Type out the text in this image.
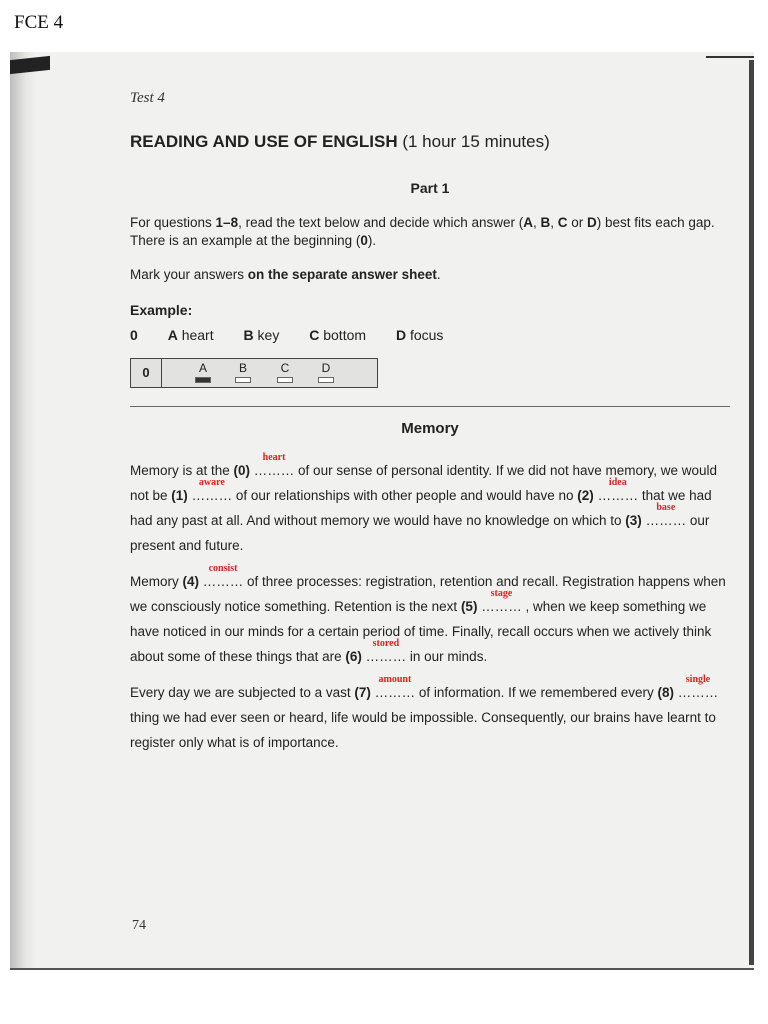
FCE 4
Test 4
READING AND USE OF ENGLISH (1 hour 15 minutes)
Part 1
For questions 1–8, read the text below and decide which answer (A, B, C or D) best fits each gap. There is an example at the beginning (0).
Mark your answers on the separate answer sheet.
Example:
0 A heart B key C bottom D focus
0	A	B	C	D
Memory
Memory is at the (0) ………
heart
of our sense of personal identity. If we did not have memory, we would not be (1) ………
aware
of our relationships with other people and would have no (2) ………
idea
that we had had any past at all. And without memory we would have no knowledge on which to (3) ………
base
our present and future.
Memory (4) ………
consist
of three processes: registration, retention and recall. Registration happens when we consciously notice something. Retention is the next (5) ………
stage
, when we keep something we have noticed in our minds for a certain period of time. Finally, recall occurs when we actively think about some of these things that are (6) ………
stored
in our minds.
Every day we are subjected to a vast (7) ………
amount
of information. If we remembered every (8) ………
single
thing we had ever seen or heard, life would be impossible. Consequently, our brains have learnt to register only what is of importance.
74
